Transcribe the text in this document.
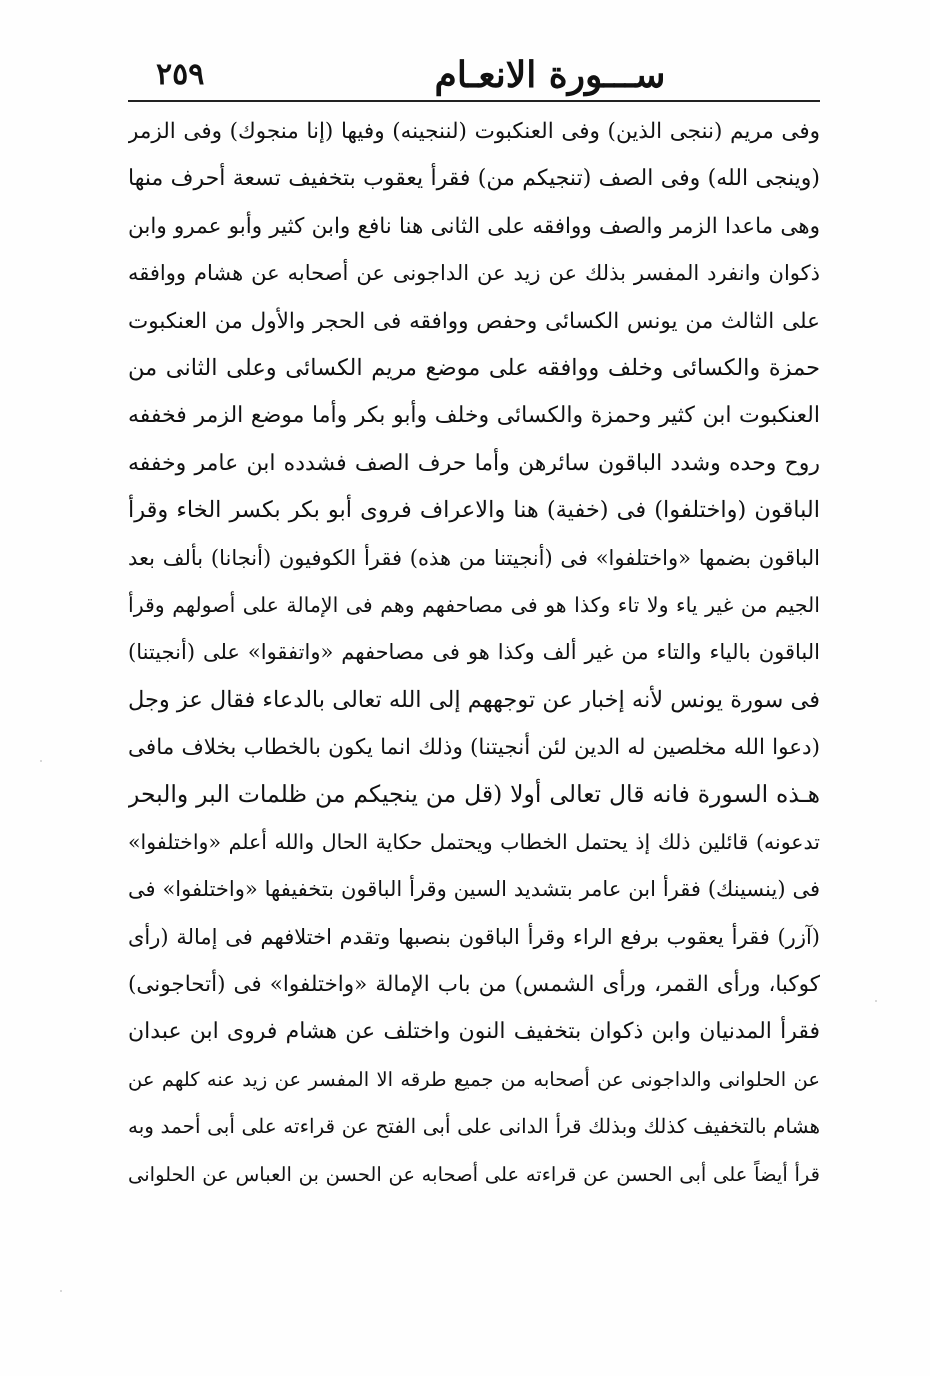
ســـورة الانعـام
٢٥٩
وفى مريم (ننجى الذين) وفى العنكبوت (لننجينه) وفيها (إنا منجوك) وفى الزمر
(وينجى الله) وفى الصف (تنجيكم من) فقرأ يعقوب بتخفيف تسعة أحرف منها
وهى ماعدا الزمر والصف ووافقه على الثانى هنا نافع وابن كثير وأبو عمرو وابن
ذكوان وانفرد المفسر بذلك عن زيد عن الداجونى عن أصحابه عن هشام ووافقه
على الثالث من يونس الكسائى وحفص ووافقه فى الحجر والأول من العنكبوت
حمزة والكسائى وخلف ووافقه على موضع مريم الكسائى وعلى الثانى من
العنكبوت ابن كثير وحمزة والكسائى وخلف وأبو بكر وأما موضع الزمر فخففه
روح وحده وشدد الباقون سائرهن وأما حرف الصف فشدده ابن عامر وخففه
الباقون (واختلفوا) فى (خفية) هنا والاعراف فروى أبو بكر بكسر الخاء وقرأ
الباقون بضمها «واختلفوا» فى (أنجيتنا من هذه) فقرأ الكوفيون (أنجانا) بألف بعد
الجيم من غير ياء ولا تاء وكذا هو فى مصاحفهم وهم فى الإمالة على أصولهم وقرأ
الباقون بالياء والتاء من غير ألف وكذا هو فى مصاحفهم «واتفقوا» على (أنجيتنا)
فى سورة يونس لأنه إخبار عن توجههم إلى الله تعالى بالدعاء فقال عز وجل
(دعوا الله مخلصين له الدين لئن أنجيتنا) وذلك انما يكون بالخطاب بخلاف مافى
هـذه السورة فانه قال تعالى أولا (قل من ينجيكم من ظلمات البر والبحر
تدعونه) قائلين ذلك إذ يحتمل الخطاب ويحتمل حكاية الحال والله أعلم «واختلفوا»
فى (ينسينك) فقرأ ابن عامر بتشديد السين وقرأ الباقون بتخفيفها «واختلفوا» فى
(آزر) فقرأ يعقوب برفع الراء وقرأ الباقون بنصبها وتقدم اختلافهم فى إمالة (رأى
كوكبا، ورأى القمر، ورأى الشمس) من باب الإمالة «واختلفوا» فى (أتحاجونى)
فقرأ المدنيان وابن ذكوان بتخفيف النون واختلف عن هشام فروى ابن عبدان
عن الحلوانى والداجونى عن أصحابه من جميع طرقه الا المفسر عن زيد عنه كلهم عن
هشام بالتخفيف كذلك وبذلك قرأ الدانى على أبى الفتح عن قراءته على أبى أحمد وبه
قرأ أيضاً على أبى الحسن عن قراءته على أصحابه عن الحسن بن العباس عن الحلوانى
